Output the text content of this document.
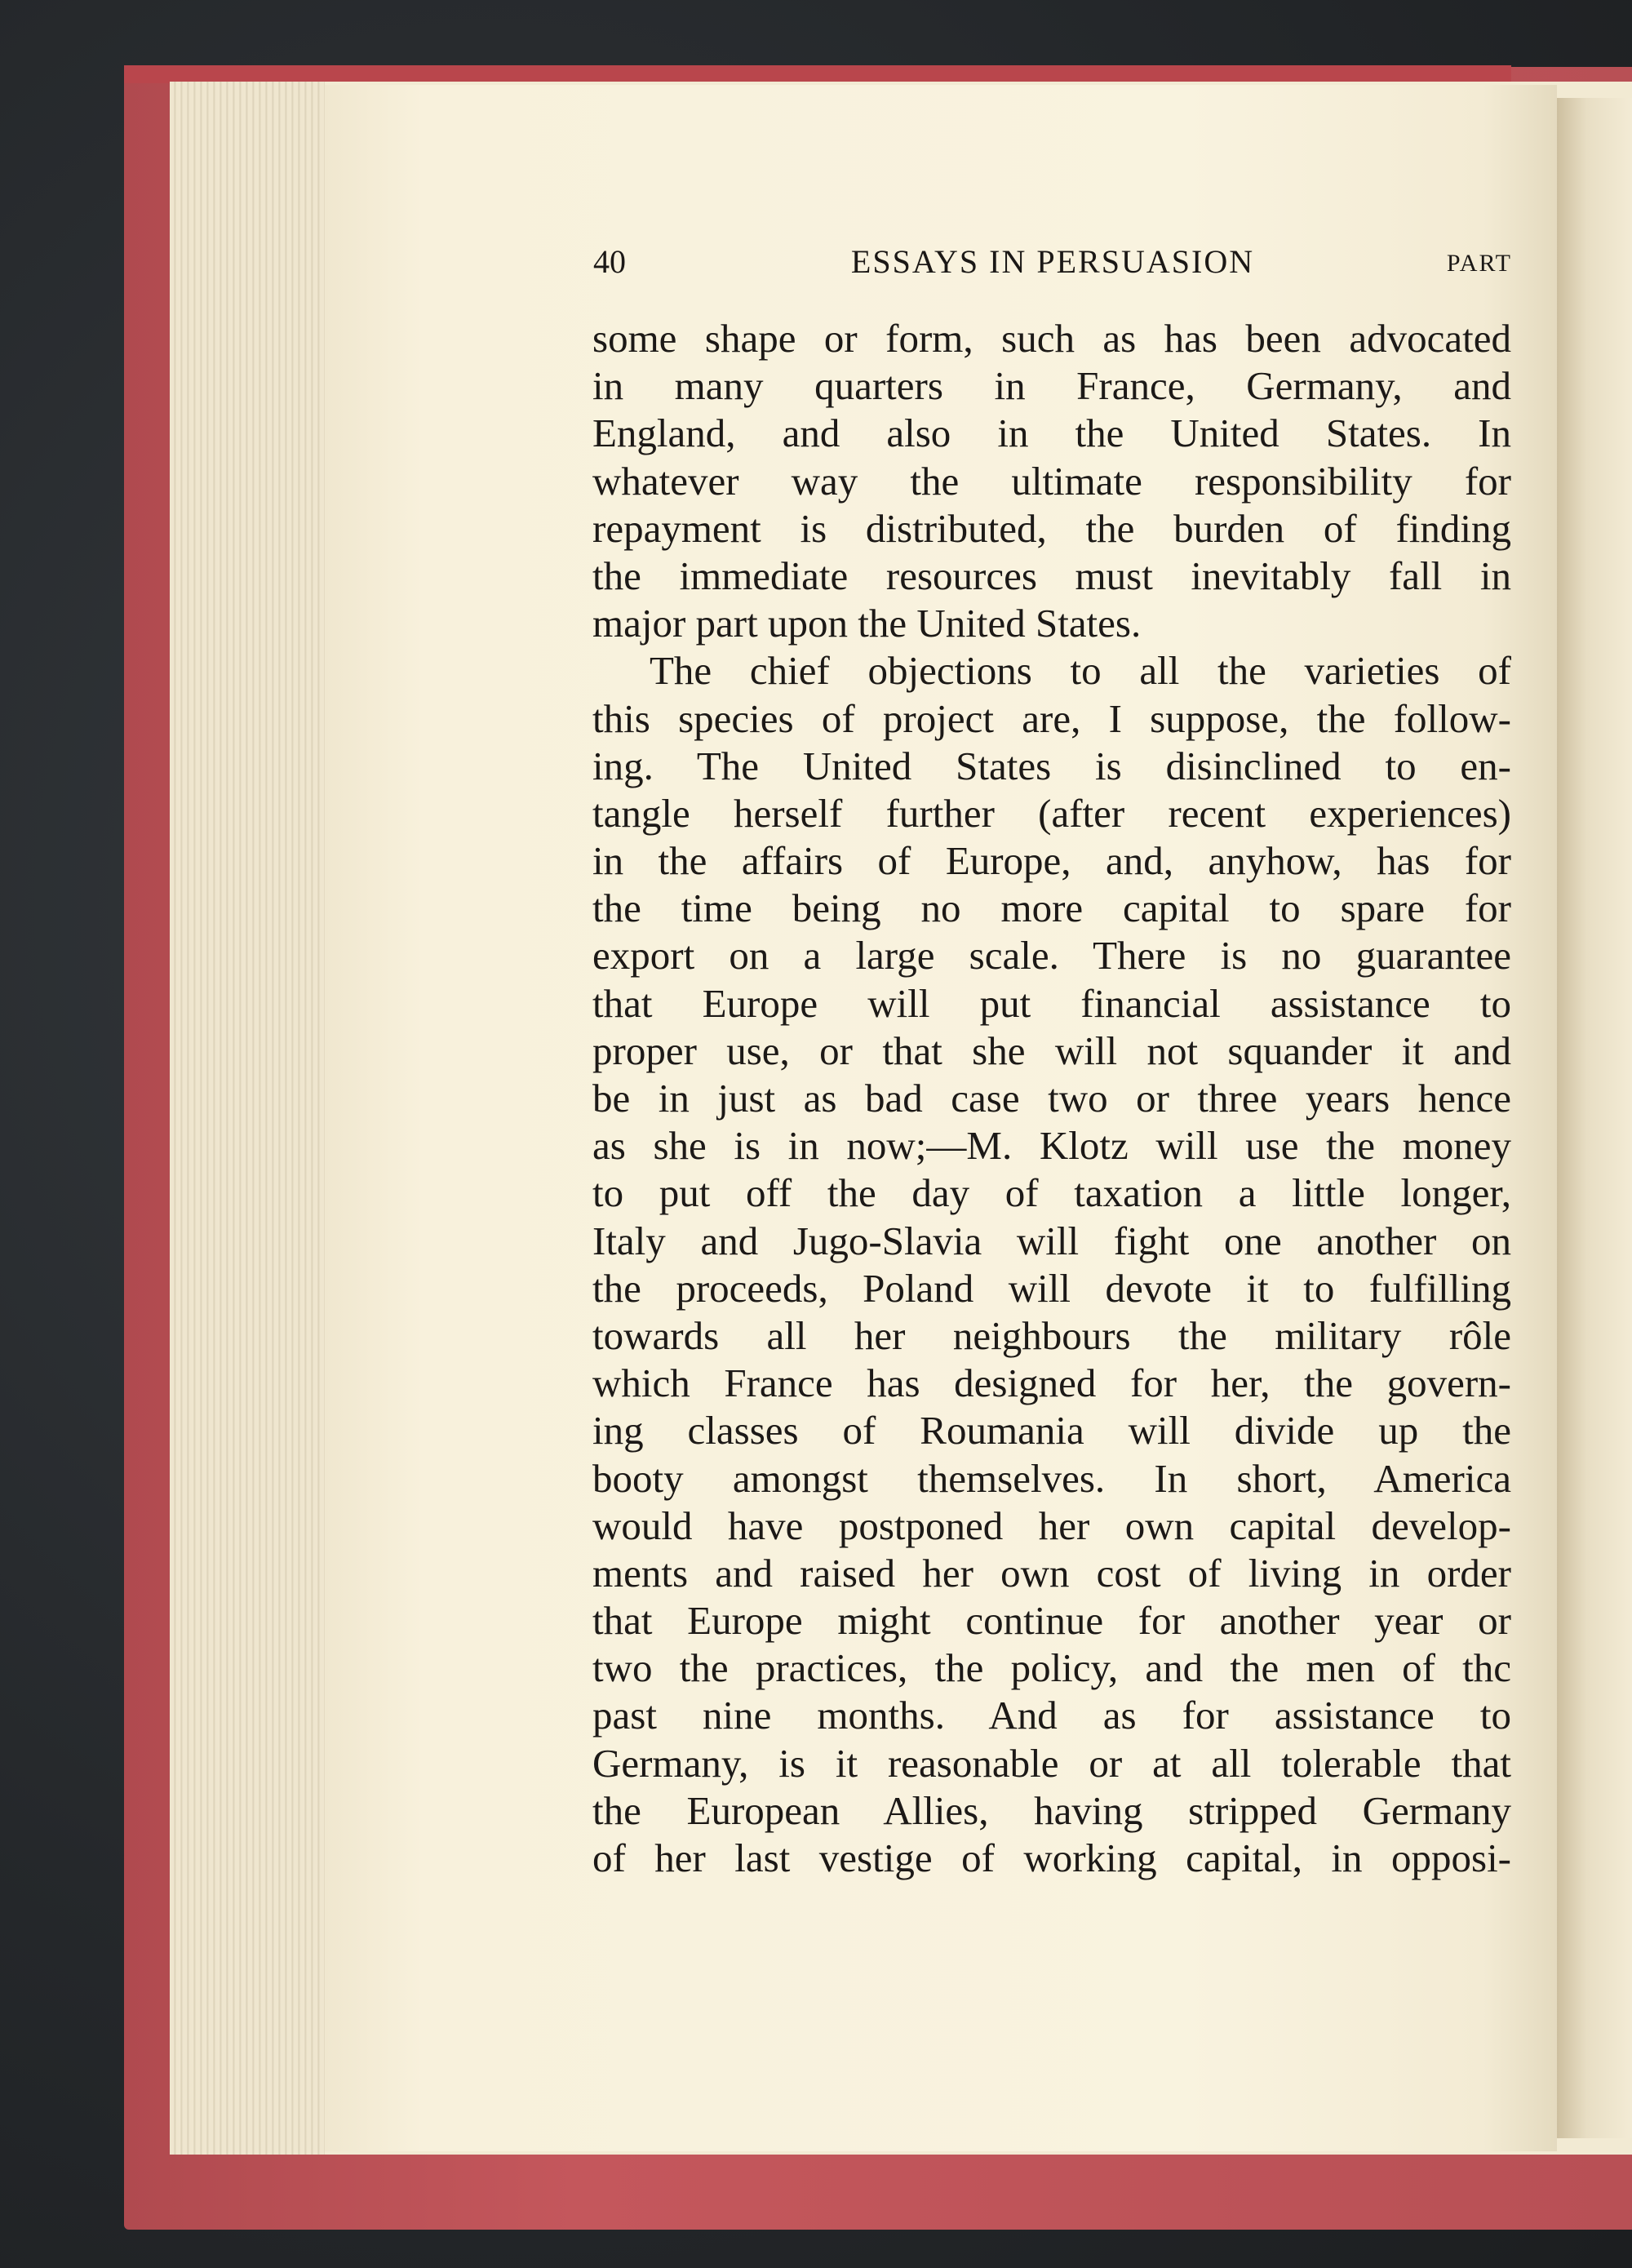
40	ESSAYS IN PERSUASION	PART
some shape or form, such as has been advocated
in many quarters in France, Germany, and
England, and also in the United States. In
whatever way the ultimate responsibility for
repayment is distributed, the burden of finding
the immediate resources must inevitably fall in
major part upon the United States.
The chief objections to all the varieties of
this species of project are, I suppose, the follow-
ing. The United States is disinclined to en-
tangle herself further (after recent experiences)
in the affairs of Europe, and, anyhow, has for
the time being no more capital to spare for
export on a large scale. There is no guarantee
that Europe will put financial assistance to
proper use, or that she will not squander it and
be in just as bad case two or three years hence
as she is in now;—M. Klotz will use the money
to put off the day of taxation a little longer,
Italy and Jugo-Slavia will fight one another on
the proceeds, Poland will devote it to fulfilling
towards all her neighbours the military rôle
which France has designed for her, the govern-
ing classes of Roumania will divide up the
booty amongst themselves. In short, America
would have postponed her own capital develop-
ments and raised her own cost of living in order
that Europe might continue for another year or
two the practices, the policy, and the men of thc
past nine months. And as for assistance to
Germany, is it reasonable or at all tolerable that
the European Allies, having stripped Germany
of her last vestige of working capital, in opposi-
